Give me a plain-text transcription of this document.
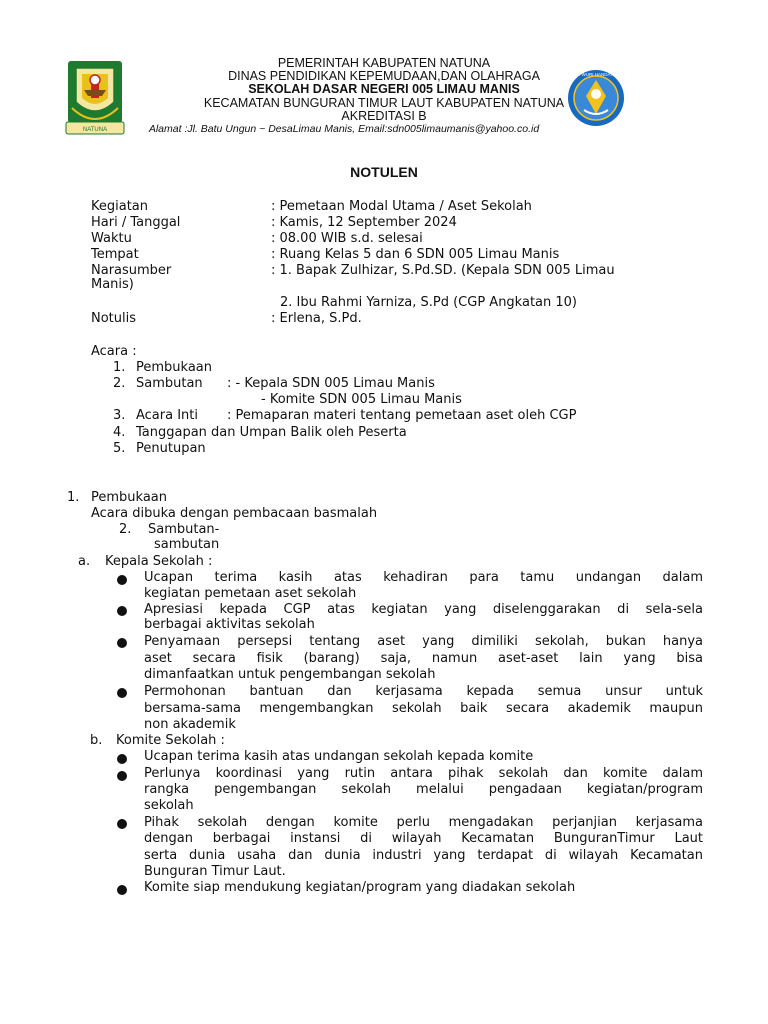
NATUNA
PEMERINTAH KABUPATEN NATUNA
DINAS PENDIDIKAN KEPEMUDAAN,DAN OLAHRAGA
SEKOLAH DASAR NEGERI 005 LIMAU MANIS
KECAMATAN BUNGURAN TIMUR LAUT KABUPATEN NATUNA
AKREDITASI B
Alamat :Jl. Batu Ungun ~ DesaLimau Manis, Email:sdn005limaumanis@yahoo.co.id
TUT WURI HANDAYANI
NOTULEN
Kegiatan	: Pemetaan Modal Utama / Aset Sekolah
Hari / Tanggal	: Kamis, 12 September 2024
Waktu	: 08.00 WIB s.d. selesai
Tempat	: Ruang Kelas 5 dan 6 SDN 005 Limau Manis
Narasumber	: 1. Bapak Zulhizar, S.Pd.SD. (Kepala SDN 005 Limau
Manis)
2. Ibu Rahmi Yarniza, S.Pd (CGP Angkatan 10)
Notulis	: Erlena, S.Pd.
Acara :
1. Pembukaan
2. Sambutan : - Kepala SDN 005 Limau Manis
- Komite SDN 005 Limau Manis
3. Acara Inti : Pemaparan materi tentang pemetaan aset oleh CGP
4. Tanggapan dan Umpan Balik oleh Peserta
5. Penutupan
1. Pembukaan
Acara dibuka dengan pembacaan basmalah
2. Sambutan-
sambutan
a. Kepala Sekolah :
Ucapan terima kasih atas kehadiran para tamu undangan dalam
kegiatan pemetaan aset sekolah
Apresiasi kepada CGP atas kegiatan yang diselenggarakan di sela-sela
berbagai aktivitas sekolah
Penyamaan persepsi tentang aset yang dimiliki sekolah, bukan hanya
aset secara fisik (barang) saja, namun aset-aset lain yang bisa
dimanfaatkan untuk pengembangan sekolah
Permohonan bantuan dan kerjasama kepada semua unsur untuk
bersama-sama mengembangkan sekolah baik secara akademik maupun
non akademik
b. Komite Sekolah :
Ucapan terima kasih atas undangan sekolah kepada komite
Perlunya koordinasi yang rutin antara pihak sekolah dan komite dalam
rangka pengembangan sekolah melalui pengadaan kegiatan/program
sekolah
Pihak sekolah dengan komite perlu mengadakan perjanjian kerjasama
dengan berbagai instansi di wilayah Kecamatan BunguranTimur Laut
serta dunia usaha dan dunia industri yang terdapat di wilayah Kecamatan
Bunguran Timur Laut.
Komite siap mendukung kegiatan/program yang diadakan sekolah
